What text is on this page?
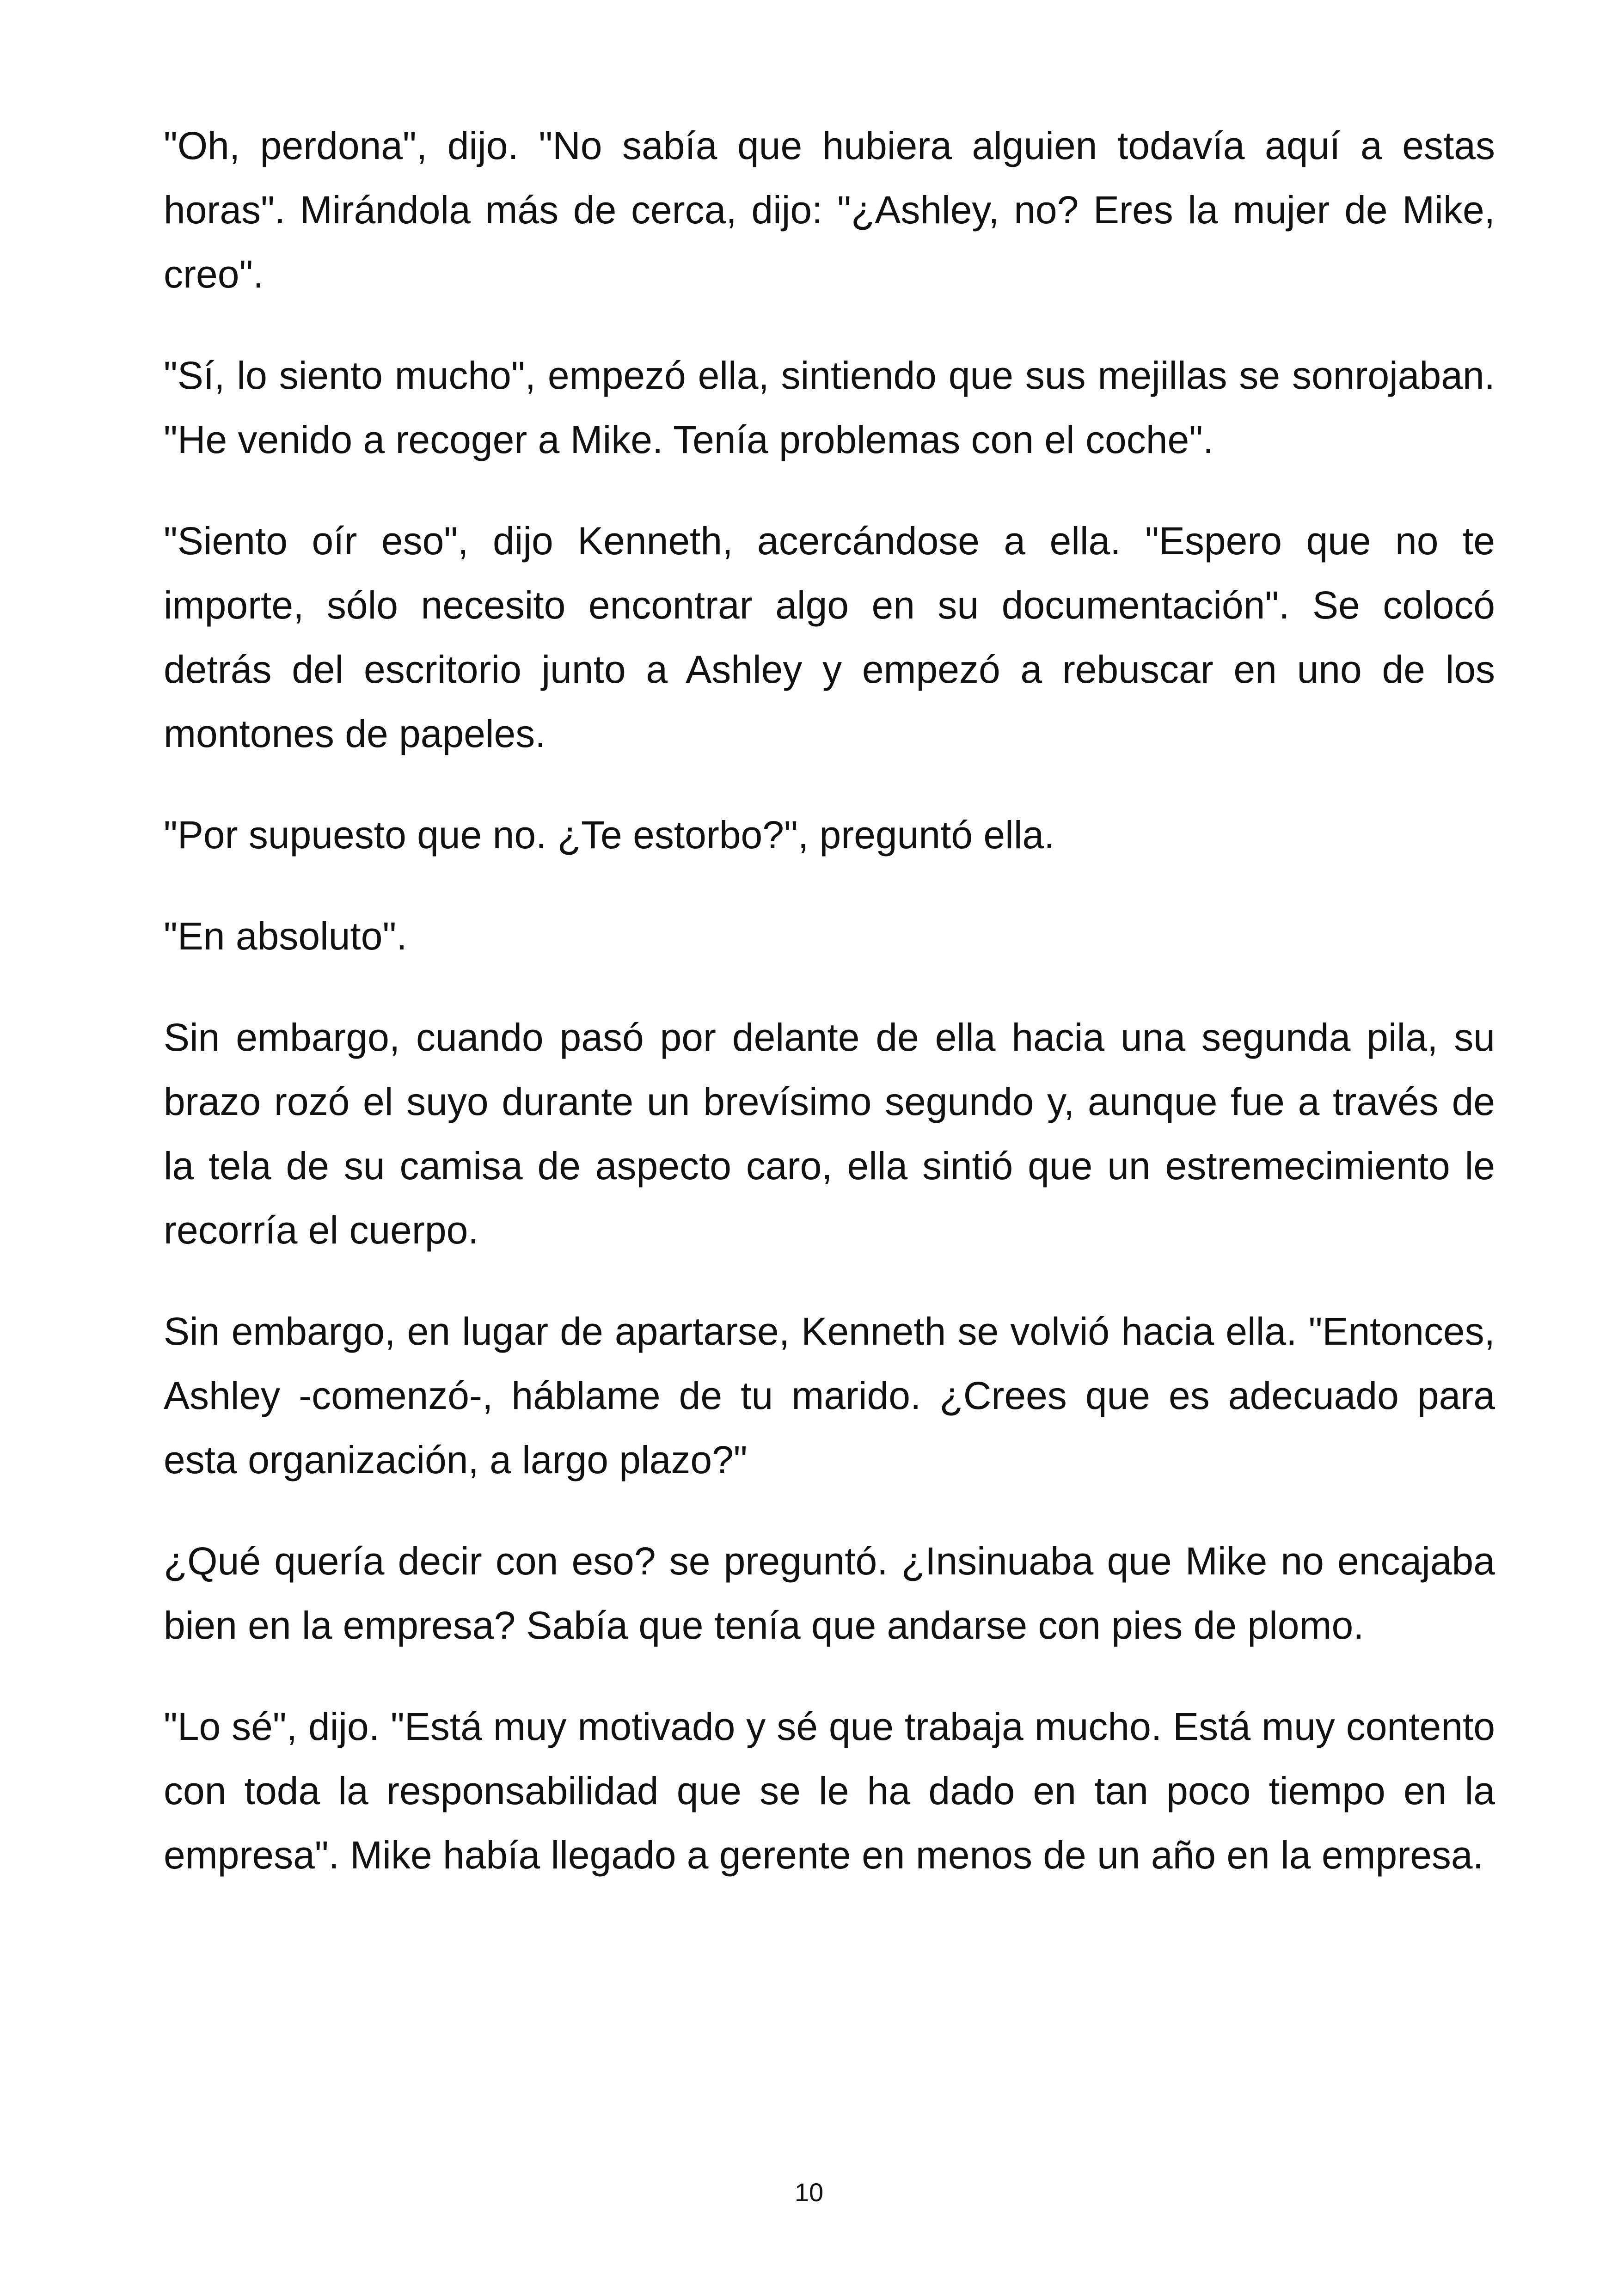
"Oh, perdona", dijo. "No sabía que hubiera alguien todavía aquí a estas horas". Mirándola más de cerca, dijo: "¿Ashley, no? Eres la mujer de Mike, creo".

"Sí, lo siento mucho", empezó ella, sintiendo que sus mejillas se sonrojaban. "He venido a recoger a Mike. Tenía problemas con el coche".

"Siento oír eso", dijo Kenneth, acercándose a ella. "Espero que no te importe, sólo necesito encontrar algo en su documentación". Se colocó detrás del escritorio junto a Ashley y empezó a rebuscar en uno de los montones de papeles.

"Por supuesto que no. ¿Te estorbo?", preguntó ella.

"En absoluto".

Sin embargo, cuando pasó por delante de ella hacia una segunda pila, su brazo rozó el suyo durante un brevísimo segundo y, aunque fue a través de la tela de su camisa de aspecto caro, ella sintió que un estremecimiento le recorría el cuerpo.

Sin embargo, en lugar de apartarse, Kenneth se volvió hacia ella. "Entonces, Ashley -comenzó-, háblame de tu marido. ¿Crees que es adecuado para esta organización, a largo plazo?"

¿Qué quería decir con eso? se preguntó. ¿Insinuaba que Mike no encajaba bien en la empresa? Sabía que tenía que andarse con pies de plomo.

"Lo sé", dijo. "Está muy motivado y sé que trabaja mucho. Está muy contento con toda la responsabilidad que se le ha dado en tan poco tiempo en la empresa". Mike había llegado a gerente en menos de un año en la empresa.

10
